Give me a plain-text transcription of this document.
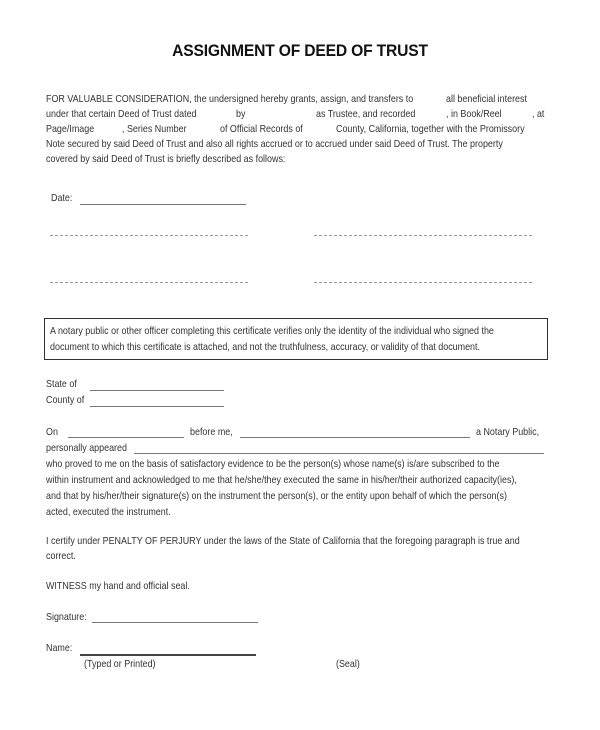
ASSIGNMENT OF DEED OF TRUST
FOR VALUABLE CONSIDERATION, the undersigned hereby grants, assign, and transfers to	all beneficial interest
under that certain Deed of Trust dated	by	as Trustee, and recorded	, in Book/Reel	, at
Page/Image	, Series Number	of Official Records of	County, California, together with the Promissory
Note secured by said Deed of Trust and also all rights accrued or to accrued under said Deed of Trust. The property
covered by said Deed of Trust is briefly described as follows:
Date:
A notary public or other officer completing this certificate verifies only the identity of the individual who signed the
document to which this certificate is attached, and not the truthfulness, accuracy, or validity of that document.
State of
County of
On	before me,	a Notary Public,
personally appeared
who proved to me on the basis of satisfactory evidence to be the person(s) whose name(s) is/are subscribed to the
within instrument and acknowledged to me that he/she/they executed the same in his/her/their authorized capacity(ies),
and that by his/her/their signature(s) on the instrument the person(s), or the entity upon behalf of which the person(s)
acted, executed the instrument.
I certify under PENALTY OF PERJURY under the laws of the State of California that the foregoing paragraph is true and
correct.
WITNESS my hand and official seal.
Signature:
Name:
(Typed or Printed)	(Seal)
